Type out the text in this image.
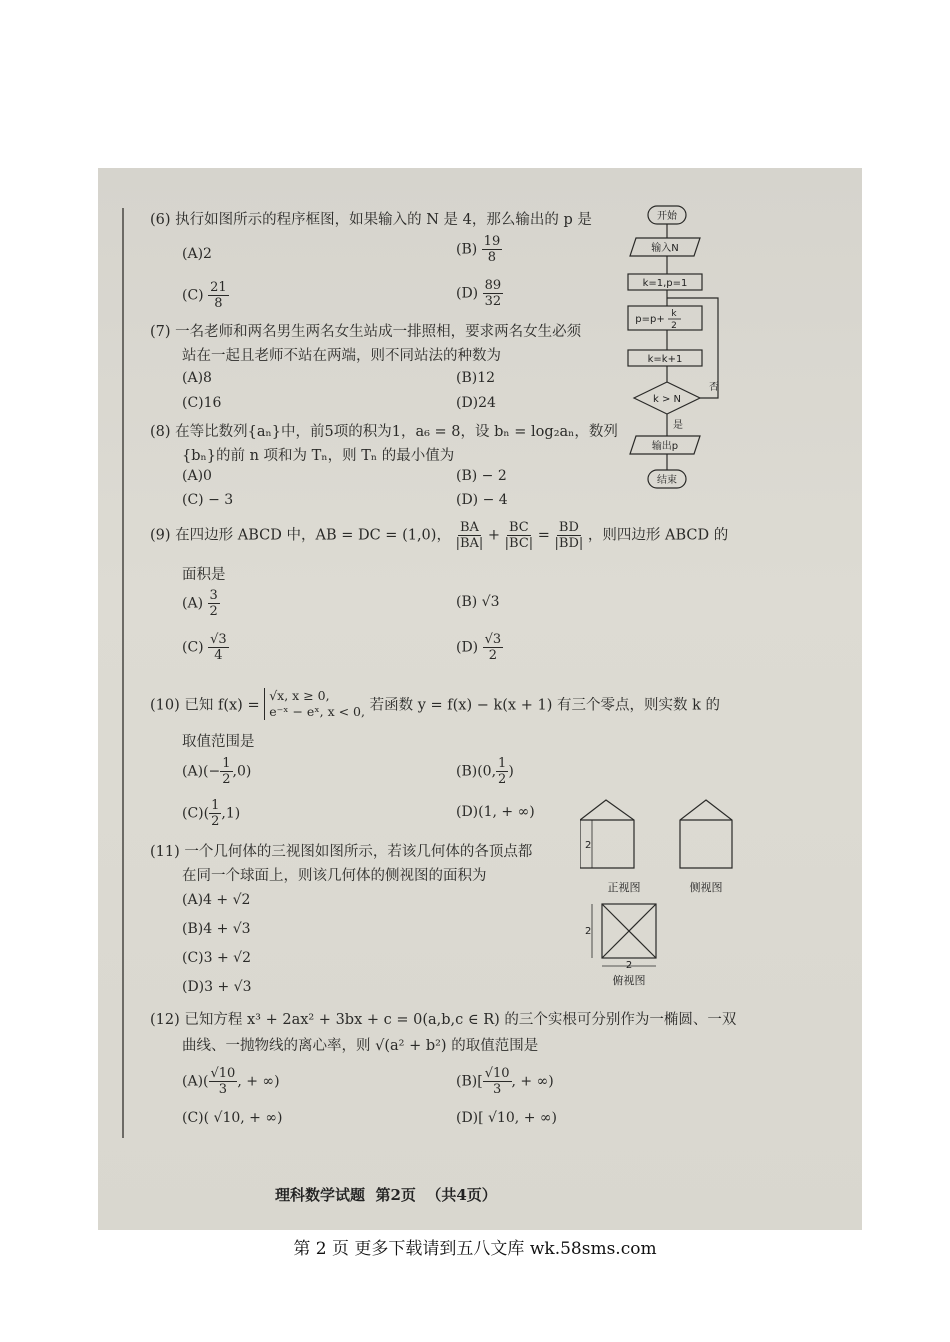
(6) 执行如图所示的程序框图，如果输入的 N 是 4，那么输出的 p 是
(A)2	$(B) \frac{19}{8}$
$(C) \frac{21}{8}$	$(D) \frac{89}{32}$
(7) 一名老师和两名男生两名女生站成一排照相，要求两名女生必须
站在一起且老师不站在两端，则不同站法的种数为
(A)8	(B)12
(C)16	(D)24
(8) 在等比数列{aₙ}中，前5项的积为1，a₆ = 8，设 bₙ = log₂aₙ，数列
{bₙ}的前 n 项和为 Tₙ，则 Tₙ 的最小值为
(A)0	(B) − 2
(C) − 3	(D) − 4
(9) 在四边形 ABCD 中，AB = DC = (1,0)， $\frac{BA}{|BA|} + \frac{BC}{|BC|} = \frac{BD}{|BD|}$ ，则四边形 ABCD 的
面积是
$(A) \frac{3}{2}$	(B) √3
$(C) \frac{√3}{4}$	$(D) \frac{√3}{2}$
(10) 已知 f(x) =
√x, x ≥ 0,
e⁻ˣ − eˣ, x < 0, 若函数 y = f(x) − k(x + 1) 有三个零点，则实数 k 的
取值范围是
$(A)(- \frac{1}{2} ,0)$	(B)(0, $\frac{1}{2}$ )
$(C)( \frac{1}{2} ,1)$	(D)(1, + ∞)
(11) 一个几何体的三视图如图所示，若该几何体的各顶点都
在同一个球面上，则该几何体的侧视图的面积为
(A)4 + √2
(B)4 + √3
(C)3 + √2
(D)3 + √3
(12) 已知方程 x³ + 2ax² + 3bx + c = 0(a,b,c ∈ R) 的三个实根可分别作为一椭圆、一双
曲线、一抛物线的离心率，则 √(a² + b²) 的取值范围是
$(A)( \frac{√10}{3}$ , + ∞)	$(B)[ \frac{√10}{3}$ , + ∞)
(C)( √10, + ∞)	(D)[ √10, + ∞)
开始
输入N
k=1,p=1
p=p+ k
2
k=k+1
k > N
否
是
输出p
结束
2
2
2
正视图	侧视图
俯视图
理科数学试题 第2页 （共4页）
第 2 页 更多下载请到五八文库 wk.58sms.com
